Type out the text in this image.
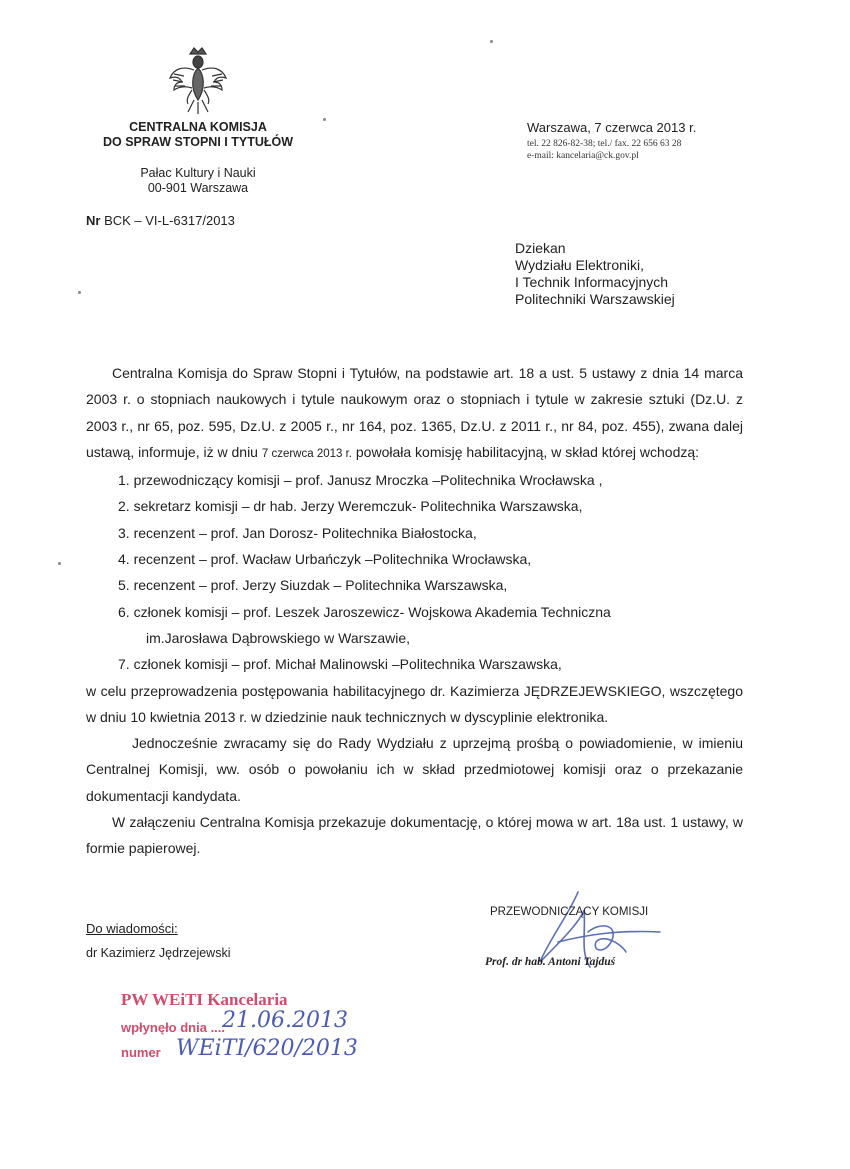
CENTRALNA KOMISJA
DO SPRAW STOPNI I TYTUŁÓW
Pałac Kultury i Nauki
00-901 Warszawa
Nr BCK – VI-L-6317/2013
Warszawa, 7 czerwca 2013 r.
tel. 22 826-82-38; tel./ fax. 22 656 63 28
e-mail: kancelaria@ck.gov.pl
Dziekan
Wydziału Elektroniki,
I Technik Informacyjnych
Politechniki Warszawskiej

Centralna Komisja do Spraw Stopni i Tytułów, na podstawie art. 18 a ust. 5 ustawy z dnia 14 marca 2003 r. o stopniach naukowych i tytule naukowym oraz o stopniach i tytule w zakresie sztuki (Dz.U. z 2003 r., nr 65, poz. 595, Dz.U. z 2005 r., nr 164, poz. 1365, Dz.U. z 2011 r., nr 84, poz. 455), zwana dalej ustawą, informuje, iż w dniu 7 czerwca 2013 r. powołała komisję habilitacyjną, w skład której wchodzą:

1. przewodniczący komisji – prof. Janusz Mroczka –Politechnika Wrocławska ,

2. sekretarz komisji – dr hab. Jerzy Weremczuk- Politechnika Warszawska,

3. recenzent – prof. Jan Dorosz- Politechnika Białostocka,

4. recenzent – prof. Wacław Urbańczyk –Politechnika Wrocławska,

5. recenzent – prof. Jerzy Siuzdak – Politechnika Warszawska,

6. członek komisji – prof. Leszek Jaroszewicz- Wojskowa Akademia Techniczna

im.Jarosława Dąbrowskiego w Warszawie,

7. członek komisji – prof. Michał Malinowski –Politechnika Warszawska,

w celu przeprowadzenia postępowania habilitacyjnego dr. Kazimierza JĘDRZEJEWSKIEGO, wszczętego w dniu 10 kwietnia 2013 r. w dziedzinie nauk technicznych w dyscyplinie elektronika.

Jednocześnie zwracamy się do Rady Wydziału z uprzejmą prośbą o powiadomienie, w imieniu Centralnej Komisji, ww. osób o powołaniu ich w skład przedmiotowej komisji oraz o przekazanie dokumentacji kandydata.

W załączeniu Centralna Komisja przekazuje dokumentację, o której mowa w art. 18a ust. 1 ustawy, w formie papierowej.

PRZEWODNICZĄCY KOMISJI
Prof. dr hab. Antoni Tajduś
Do wiadomości:
dr Kazimierz Jędrzejewski
PW WEiTI Kancelaria
wpłynęło dnia ....
numer
21.06.2013
WEiTI/620/2013
